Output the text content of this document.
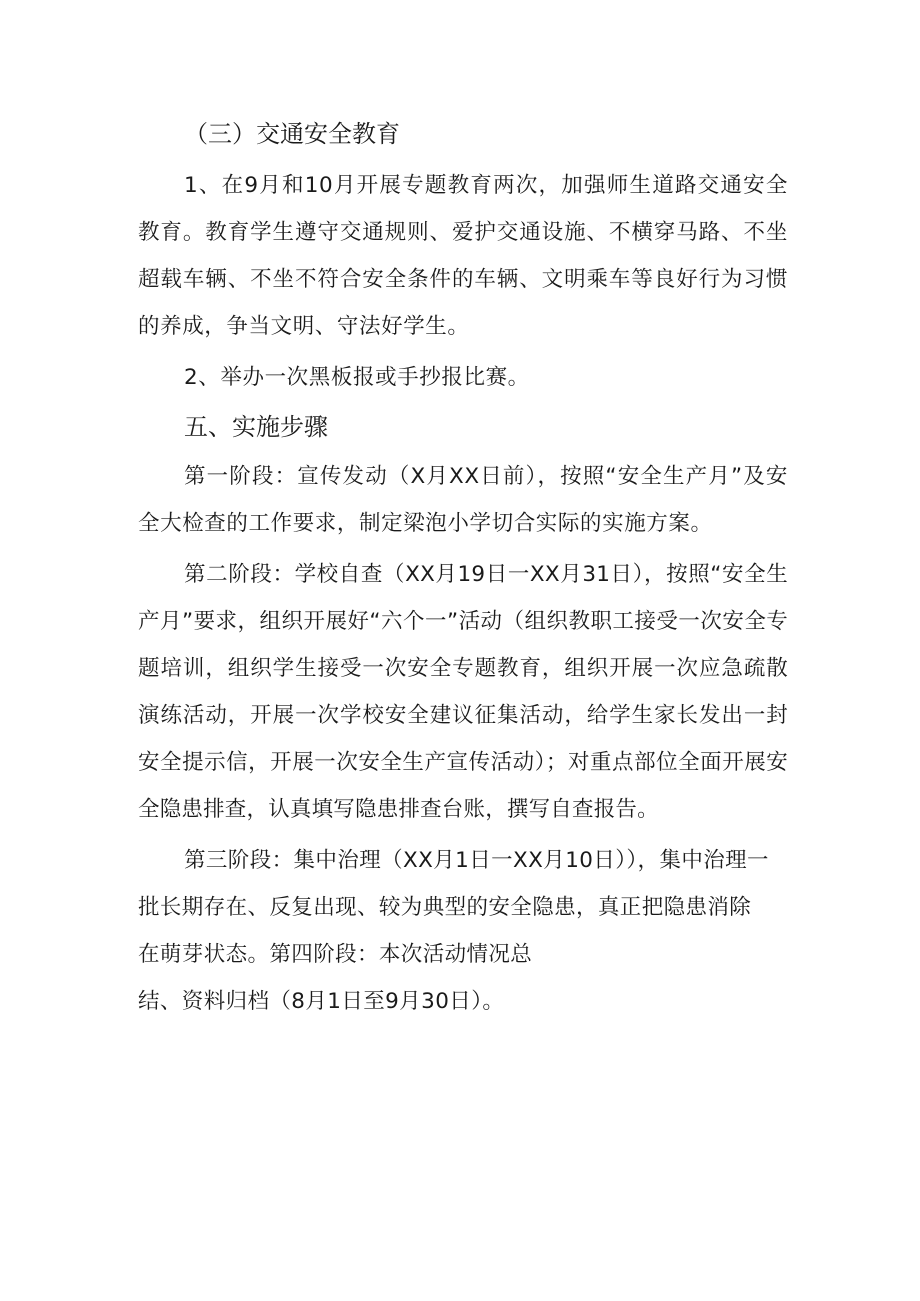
（三）交通安全教育

1、在9月和10月开展专题教育两次，加强师生道路交通安全教育。教育学生遵守交通规则、爱护交通设施、不横穿马路、不坐超载车辆、不坐不符合安全条件的车辆、文明乘车等良好行为习惯的养成，争当文明、守法好学生。

2、举办一次黑板报或手抄报比赛。

五、实施步骤

第一阶段：宣传发动（X月XX日前），按照“安全生产月”及安全大检查的工作要求，制定梁泡小学切合实际的实施方案。

第二阶段：学校自查（XX月19日一XX月31日），按照“安全生产月”要求，组织开展好“六个一”活动（组织教职工接受一次安全专题培训，组织学生接受一次安全专题教育，组织开展一次应急疏散演练活动，开展一次学校安全建议征集活动，给学生家长发出一封安全提示信，开展一次安全生产宣传活动）；对重点部位全面开展安全隐患排查，认真填写隐患排查台账，撰写自查报告。

第三阶段：集中治理（XX月1日一XX月10日）），集中治理一
批长期存在、反复出现、较为典型的安全隐患，真正把隐患消除
在萌芽状态。第四阶段：本次活动情况总
结、资料归档（8月1日至9月30日）。
